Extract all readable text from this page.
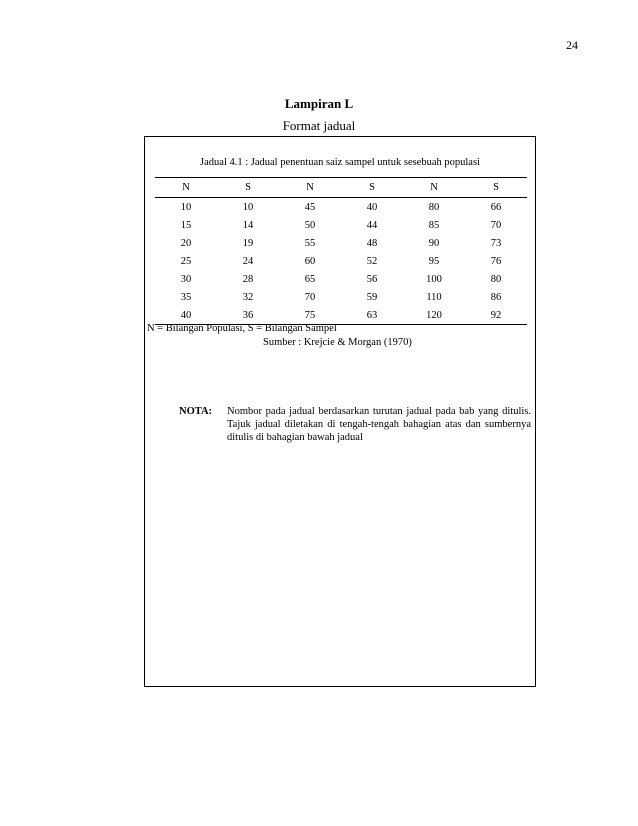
24
Lampiran L
Format jadual
Jadual 4.1 : Jadual penentuan saiz sampel untuk sesebuah populasi
N	S	N	S	N	S
10	10	45	40	80	66
15	14	50	44	85	70
20	19	55	48	90	73
25	24	60	52	95	76
30	28	65	56	100	80
35	32	70	59	110	86
40	36	75	63	120	92
N = Bilangan Populasi, S = Bilangan Sampel
Sumber : Krejcie & Morgan (1970)
NOTA:	Nombor pada jadual berdasarkan turutan jadual pada bab yang ditulis. Tajuk jadual diletakan di tengah-tengah bahagian atas dan sumbernya ditulis di bahagian bawah jadual
